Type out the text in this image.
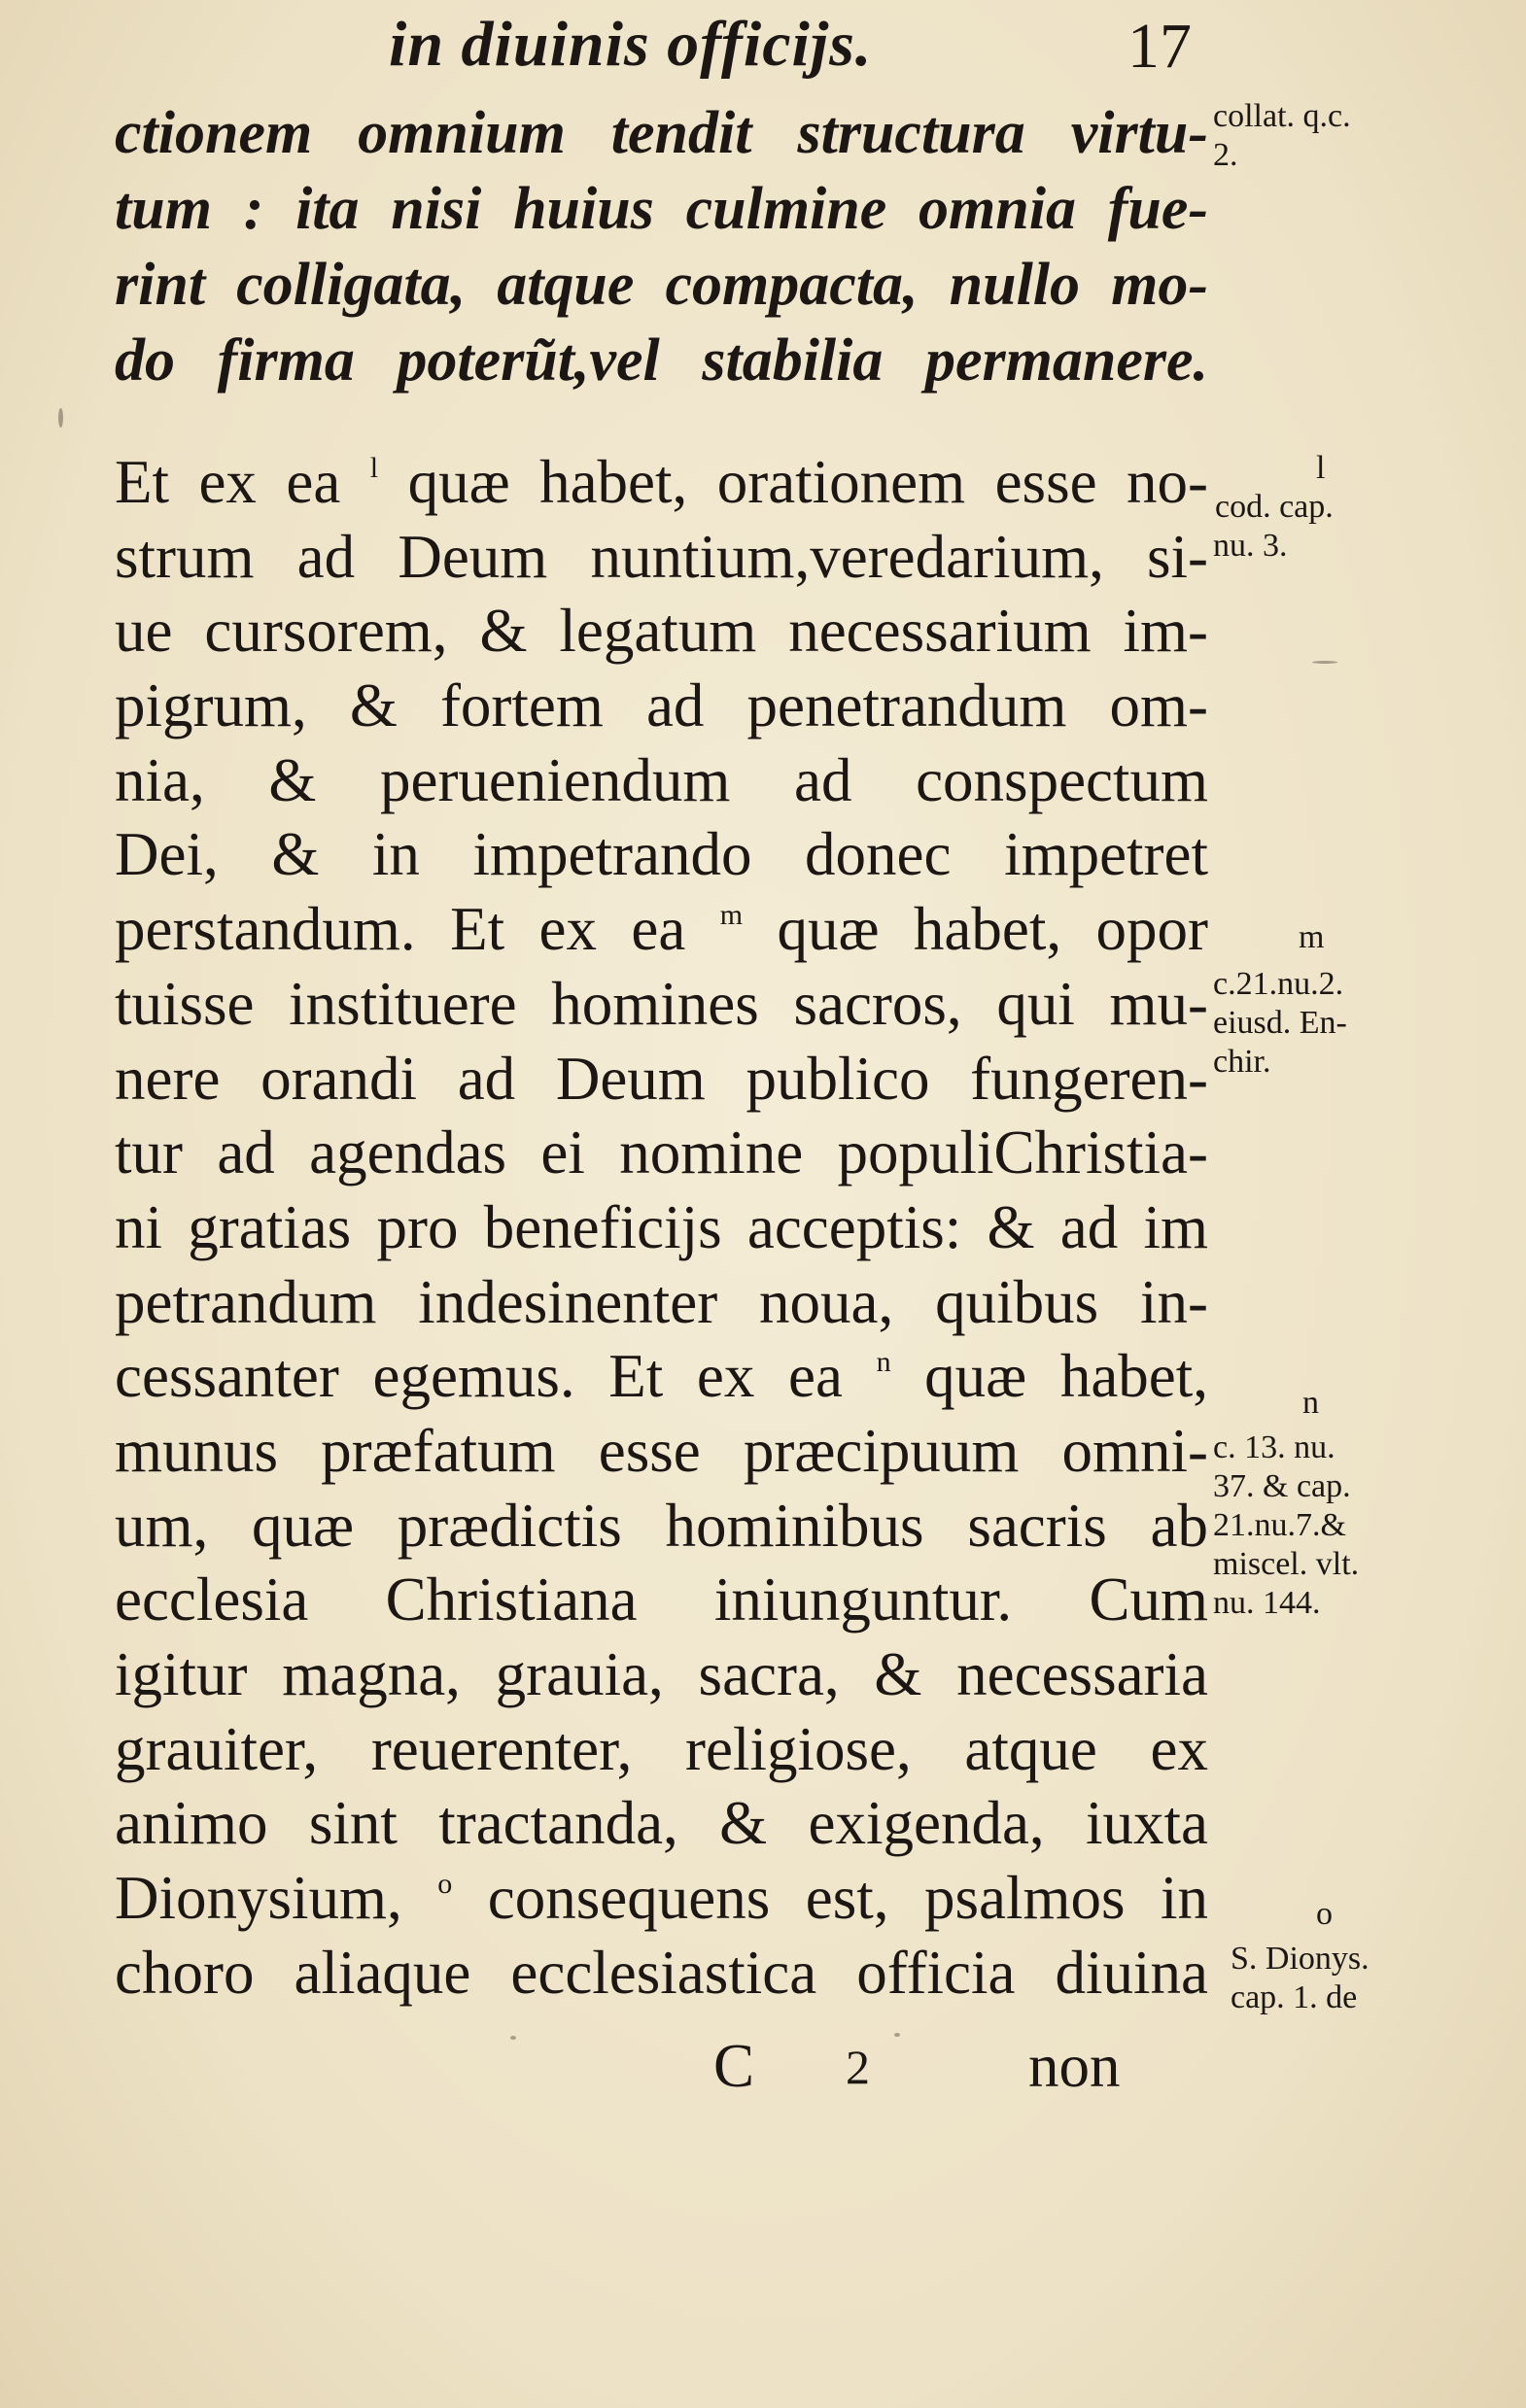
in diuinis officijs.	17
ctionem omnium tendit structura virtu-
tum : ita nisi huius culmine omnia fue-
rint colligata, atque compacta, nullo mo-
do firma poterũt,vel stabilia permanere.
Et ex ea $^l$ quæ habet, orationem esse no-
strum ad Deum nuntium,veredarium, si-
ue cursorem, & legatum necessarium im-
pigrum, & fortem ad penetrandum om-
nia, & perueniendum ad conspectum
Dei, & in impetrando donec impetret
perstandum. Et ex ea $^m$ quæ habet, opor
tuisse instituere homines sacros, qui mu-
nere orandi ad Deum publico fungeren-
tur ad agendas ei nomine populiChristia-
ni gratias pro beneficijs acceptis: & ad im
petrandum indesinenter noua, quibus in-
cessanter egemus. Et ex ea $^n$ quæ habet,
munus præfatum esse præcipuum omni-
um, quæ prædictis hominibus sacris ab
ecclesia Christiana iniunguntur. Cum
igitur magna, grauia, sacra, & necessaria
grauiter, reuerenter, religiose, atque ex
animo sint tractanda, & exigenda, iuxta
Dionysium, $^o$ consequens est, psalmos in
choro aliaque ecclesiastica officia diuina
C 2	non
collat. q.c.
2.
l
cod. cap.
nu. 3.
m
c.21.nu.2.
eiusd. En-
chir.
n
c. 13. nu.
37. & cap.
21.nu.7.&
miscel. vlt.
nu. 144.
o
S. Dionys.
cap. 1. de
